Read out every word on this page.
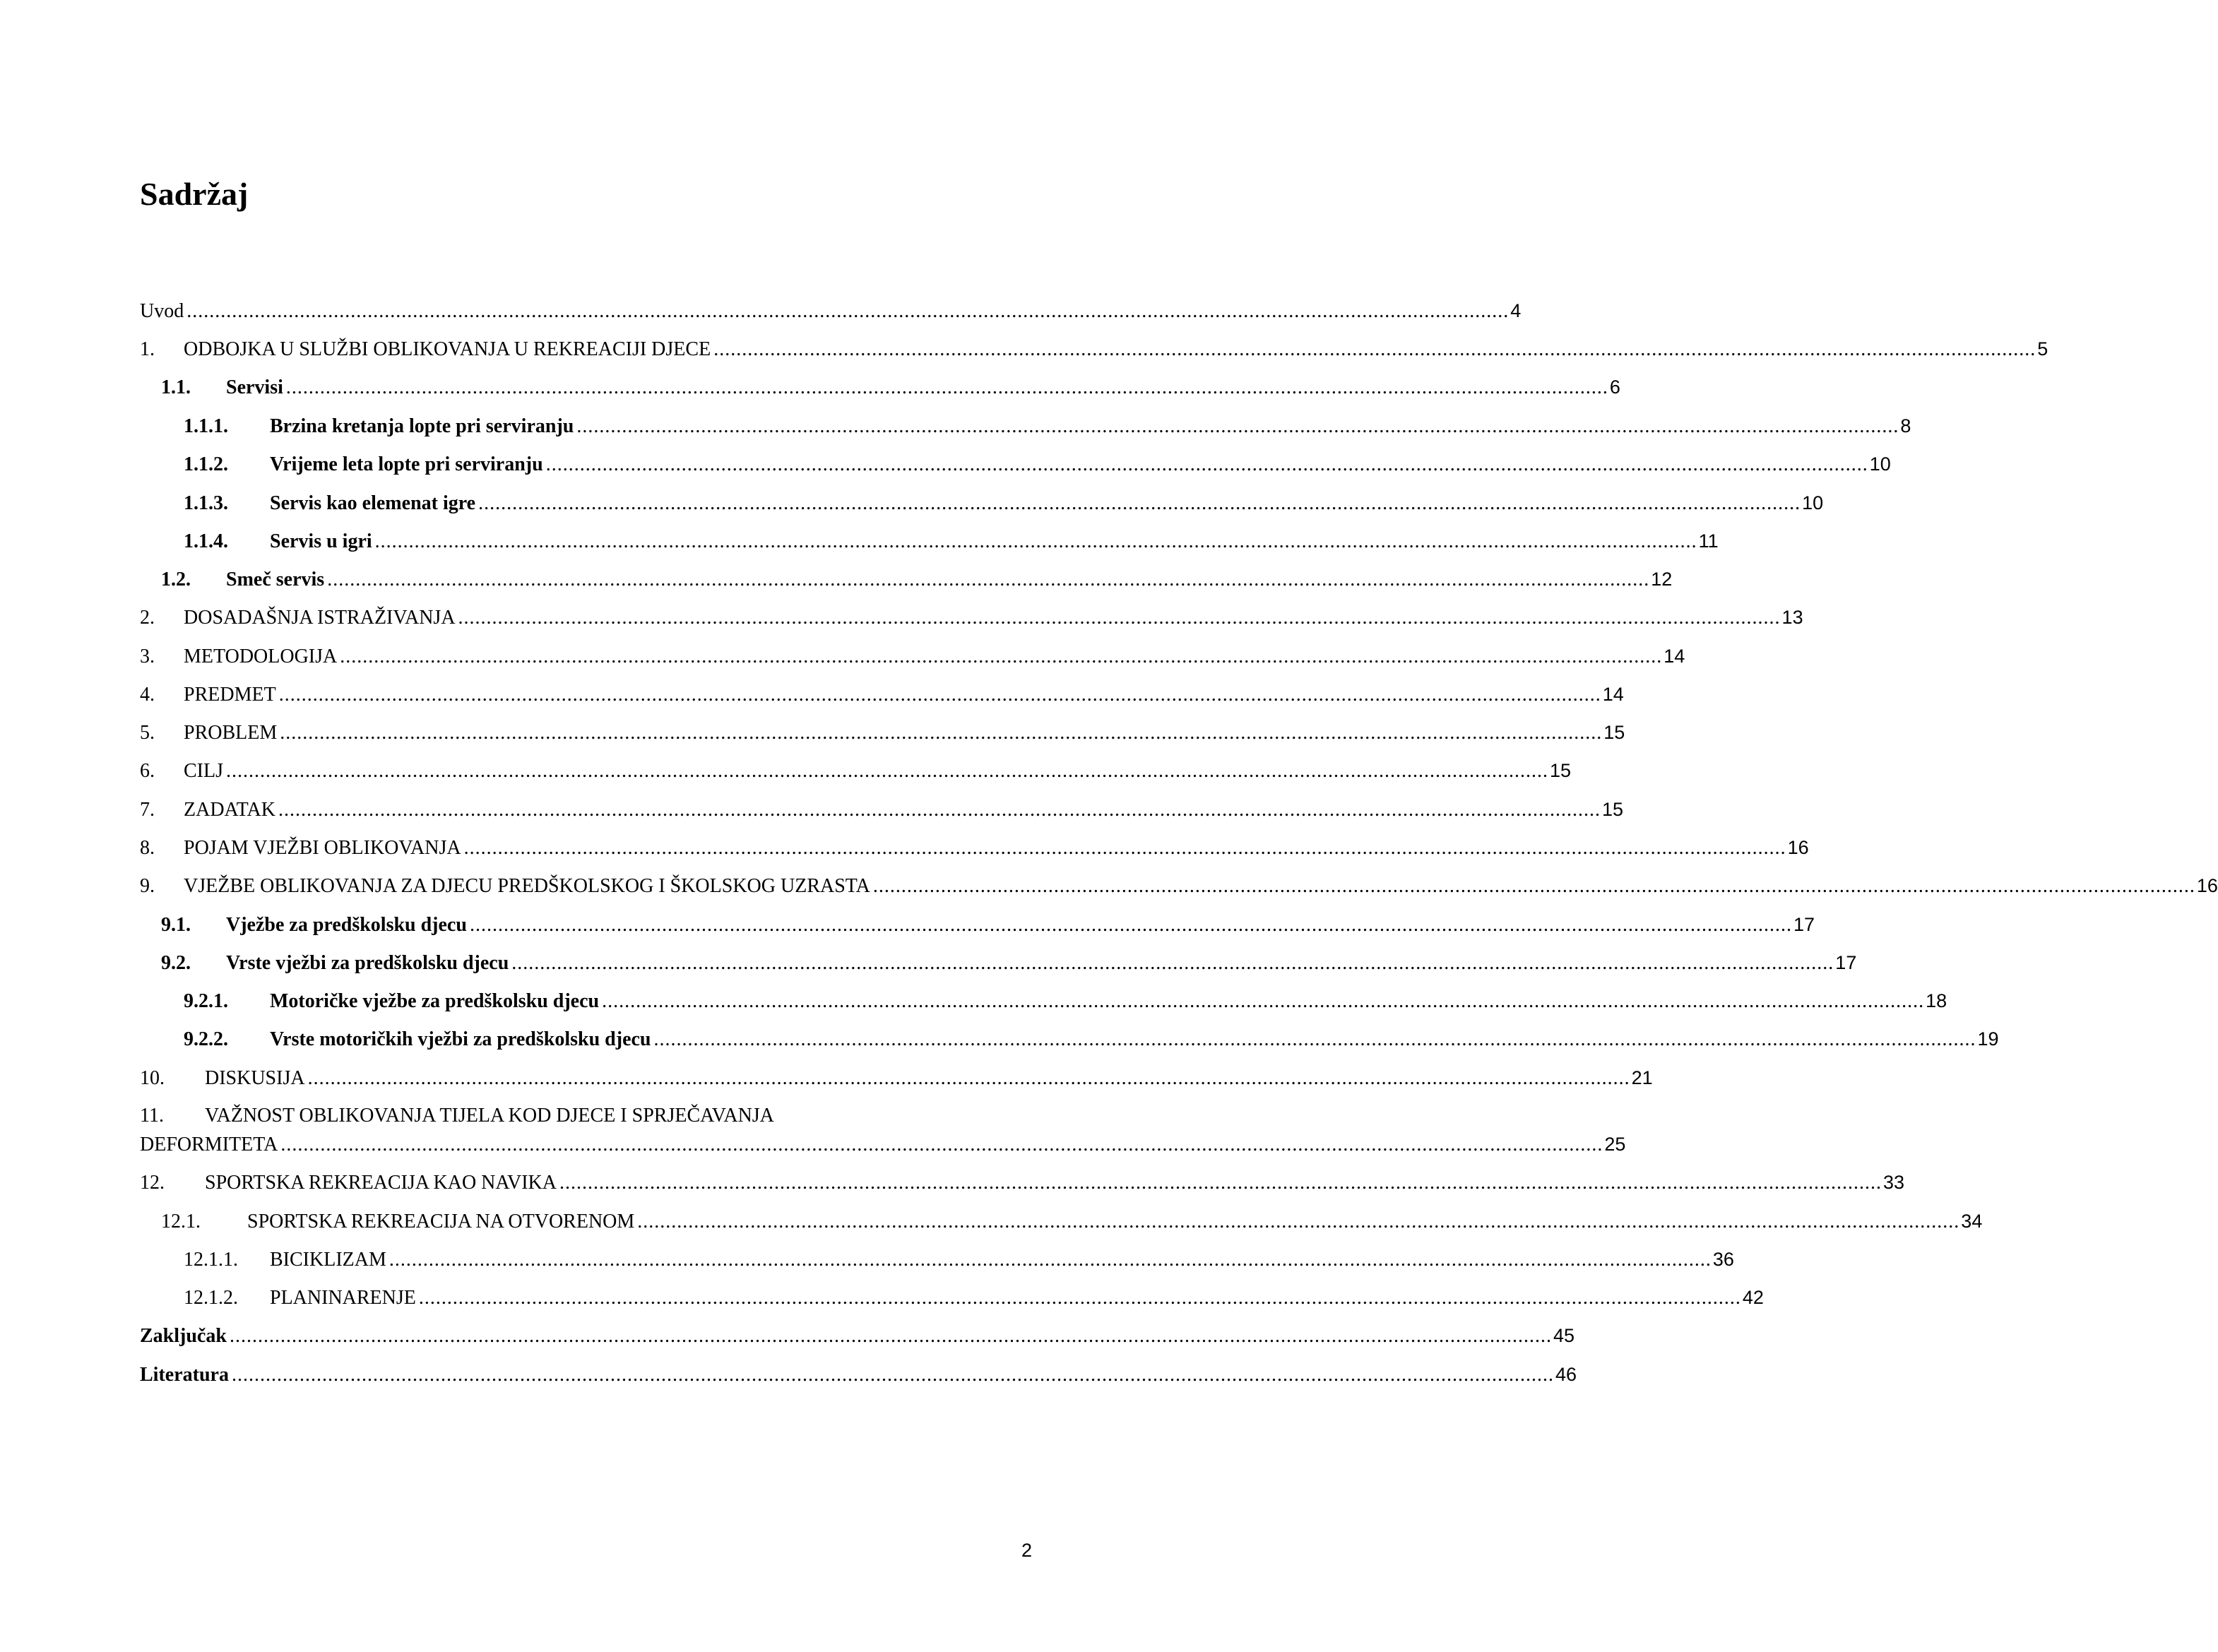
Sadržaj
Uvod .......................................................................................................................................................................................................................................... 4
1.	ODBOJKA U SLUŽBI OBLIKOVANJA U REKREACIJI DJECE .......................................................................................................................................................................................................................................... 5
1.1.	Servisi .......................................................................................................................................................................................................................................... 6
1.1.1.	Brzina kretanja lopte pri serviranju .......................................................................................................................................................................................................................................... 8
1.1.2.	Vrijeme leta lopte pri serviranju .......................................................................................................................................................................................................................................... 10
1.1.3.	Servis kao elemenat igre .......................................................................................................................................................................................................................................... 10
1.1.4.	Servis u igri .......................................................................................................................................................................................................................................... 11
1.2.	Smeč servis .......................................................................................................................................................................................................................................... 12
2.	DOSADAŠNJA ISTRAŽIVANJA .......................................................................................................................................................................................................................................... 13
3.	METODOLOGIJA .......................................................................................................................................................................................................................................... 14
4.	PREDMET .......................................................................................................................................................................................................................................... 14
5.	PROBLEM .......................................................................................................................................................................................................................................... 15
6.	CILJ .......................................................................................................................................................................................................................................... 15
7.	ZADATAK .......................................................................................................................................................................................................................................... 15
8.	POJAM VJEŽBI OBLIKOVANJA .......................................................................................................................................................................................................................................... 16
9.	VJEŽBE OBLIKOVANJA ZA DJECU PREDŠKOLSKOG I ŠKOLSKOG UZRASTA .......................................................................................................................................................................................................................................... 16
9.1.	Vježbe za predškolsku djecu .......................................................................................................................................................................................................................................... 17
9.2.	Vrste vježbi za predškolsku djecu .......................................................................................................................................................................................................................................... 17
9.2.1.	Motoričke vježbe za predškolsku djecu .......................................................................................................................................................................................................................................... 18
9.2.2.	Vrste motoričkih vježbi za predškolsku djecu .......................................................................................................................................................................................................................................... 19
10.	DISKUSIJA .......................................................................................................................................................................................................................................... 21
11. VAŽNOST OBLIKOVANJA TIJELA KOD DJECE I SPRJEČAVANJA
DEFORMITETA .......................................................................................................................................................................................................................................... 25
12.	SPORTSKA REKREACIJA KAO NAVIKA .......................................................................................................................................................................................................................................... 33
12.1.	SPORTSKA REKREACIJA NA OTVORENOM .......................................................................................................................................................................................................................................... 34
12.1.1.	BICIKLIZAM .......................................................................................................................................................................................................................................... 36
12.1.2.	PLANINARENJE .......................................................................................................................................................................................................................................... 42
Zaključak .......................................................................................................................................................................................................................................... 45
Literatura .......................................................................................................................................................................................................................................... 46
2
